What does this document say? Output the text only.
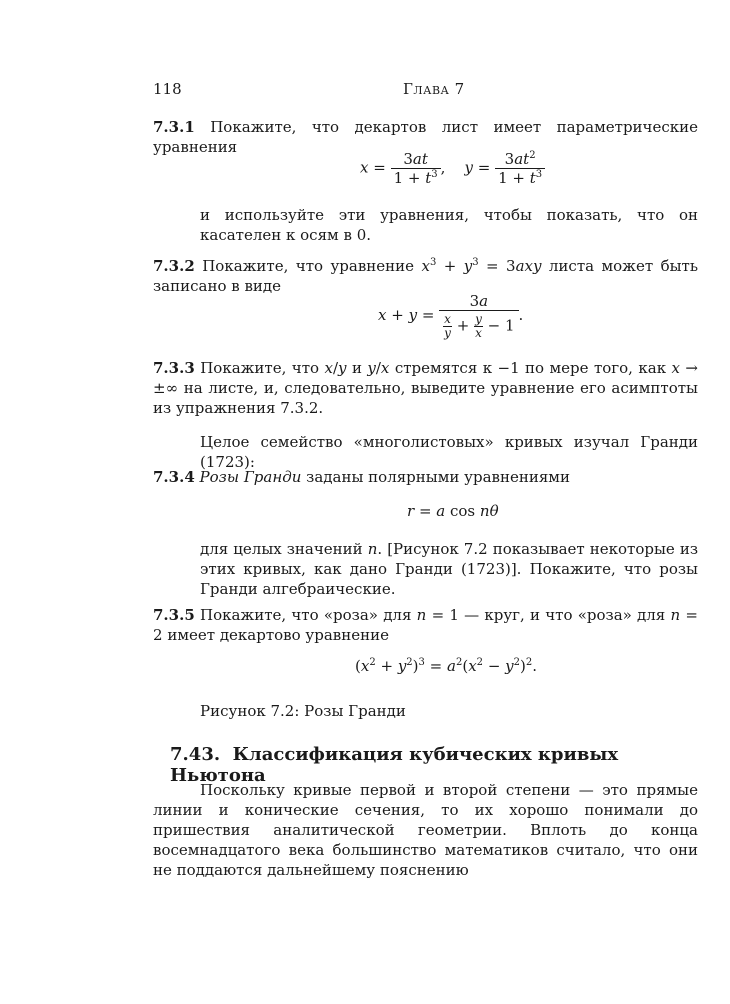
118	Глава 7
7.3.1 Покажите, что декартов лист имеет параметрические уравнения
$x = \frac{3at}{1 + t^3}$ ,    $y = \frac{3at^2}{1 + t^3}$
и используйте эти уравнения, чтобы показать, что он касателен к осям в 0.
7.3.2 Покажите, что уравнение $x^3 + y^3 = 3axy$ листа может быть записано в виде
$x + y = \frac{3a}{\frac{x}{y} + \frac{y}{x} - 1}$ .
7.3.3 Покажите, что x/y и y/x стремятся к −1 по мере того, как x → ±∞ на листе, и, следовательно, выведите уравнение его асимптоты из упражнения 7.3.2.
Целое семейство «многолистовых» кривых изучал Гранди (1723):
7.3.4 Розы Гранди заданы полярными уравнениями
r = a cos nθ
для целых значений n. [Рисунок 7.2 показывает некоторые из этих кривых, как дано Гранди (1723)]. Покажите, что розы Гранди алгебраические.
7.3.5 Покажите, что «роза» для n = 1 — круг, и что «роза» для n = 2 имеет декартово уравнение
$(x^2 + y^2)^3 = a^2(x^2 - y^2)^2$.
Рисунок 7.2: Розы Гранди
7.43. Классификация кубических кривых Ньютона
Поскольку кривые первой и второй степени — это прямые линии и конические сечения, то их хорошо понимали до пришествия аналитической геометрии. Вплоть до конца восемнадцатого века большинство математиков считало, что они не поддаются дальнейшему пояснению
